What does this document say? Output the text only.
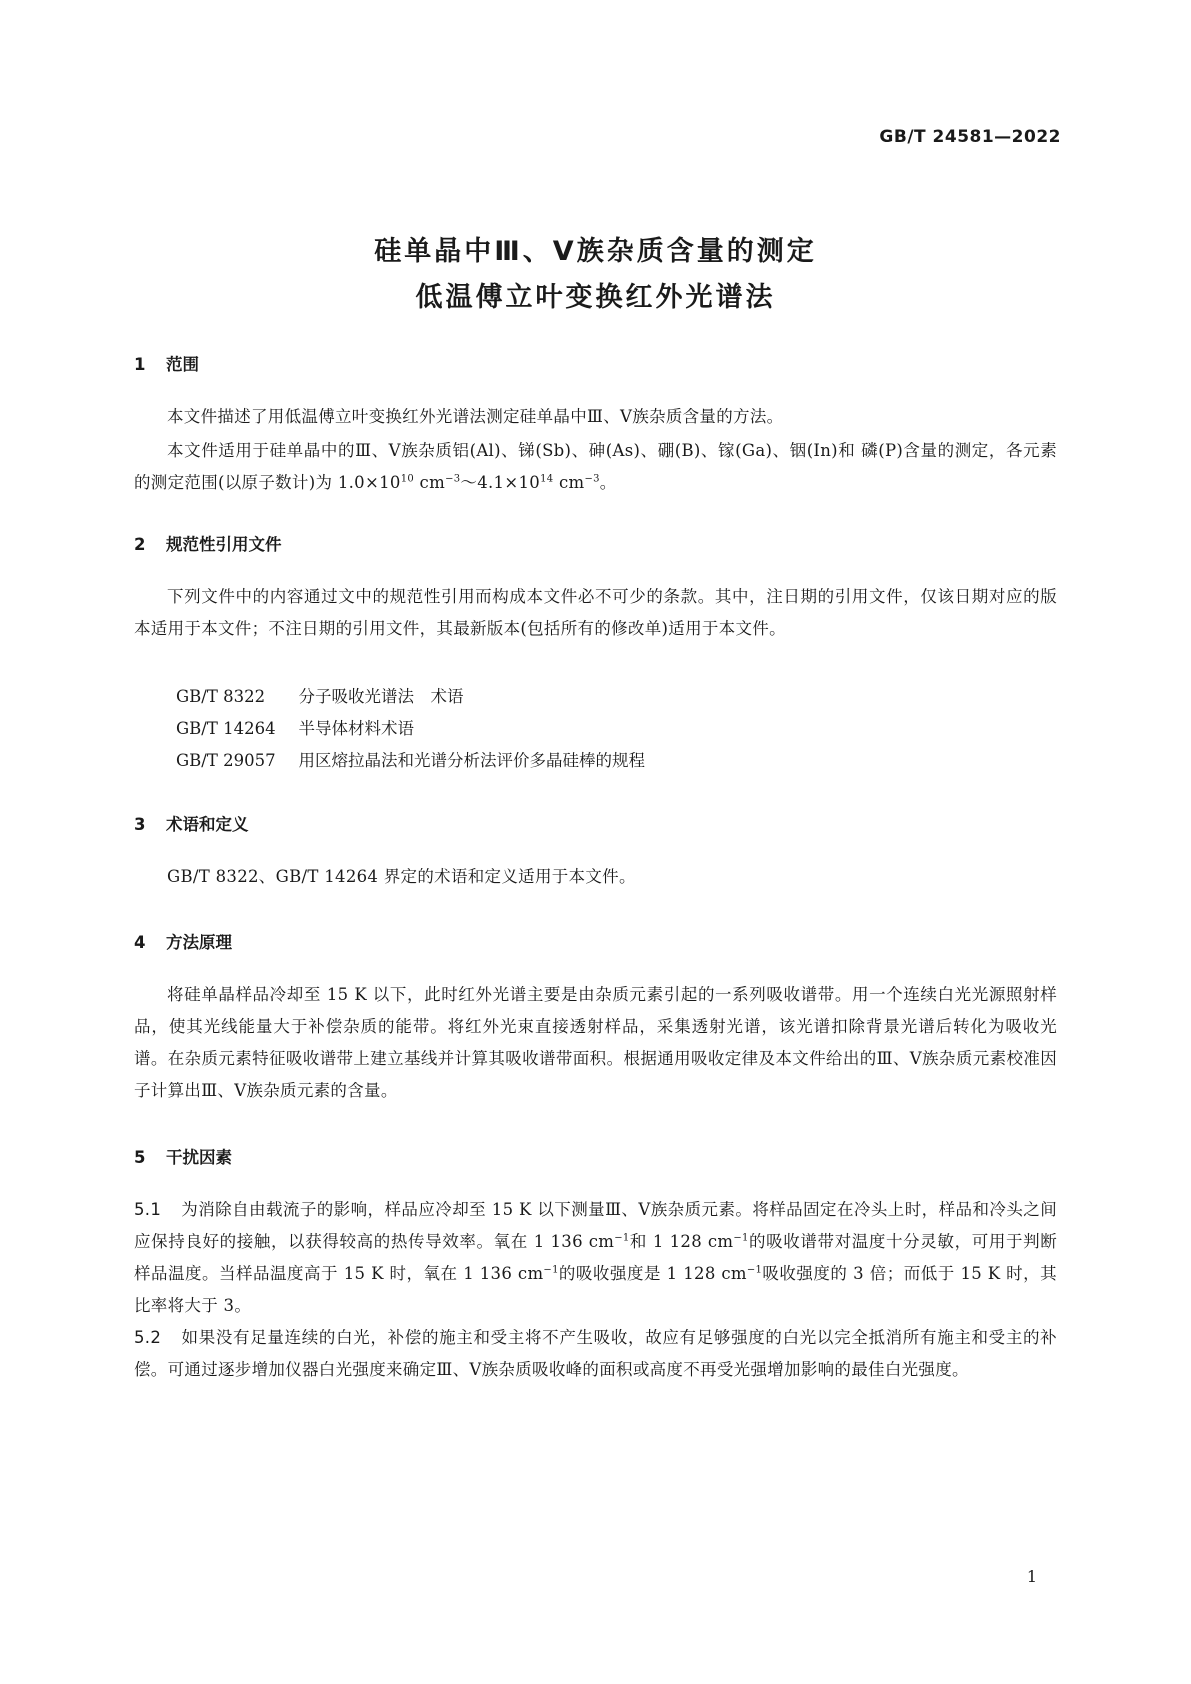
GB/T 24581—2022
硅单晶中Ⅲ、Ⅴ族杂质含量的测定
低温傅立叶变换红外光谱法
1 范围

本文件描述了用低温傅立叶变换红外光谱法测定硅单晶中Ⅲ、Ⅴ族杂质含量的方法。

本文件适用于硅单晶中的Ⅲ、Ⅴ族杂质铝(Al)、锑(Sb)、砷(As)、硼(B)、镓(Ga)、铟(In)和 磷(P)含量的测定，各元素的测定范围(以原子数计)为 $1.0\times 10^{10}$ $cm^{-3}\sim 4.1\times 10^{14}$ $cm^{-3}$。

2 规范性引用文件

下列文件中的内容通过文中的规范性引用而构成本文件必不可少的条款。其中，注日期的引用文件，仅该日期对应的版本适用于本文件；不注日期的引用文件，其最新版本(包括所有的修改单)适用于本文件。

GB/T 8322　 分子吸收光谱法　术语
GB/T 14264　 半导体材料术语
GB/T 29057　 用区熔拉晶法和光谱分析法评价多晶硅棒的规程
3 术语和定义

GB/T 8322、GB/T 14264 界定的术语和定义适用于本文件。

4 方法原理

将硅单晶样品冷却至 15 K 以下，此时红外光谱主要是由杂质元素引起的一系列吸收谱带。用一个连续白光光源照射样品，使其光线能量大于补偿杂质的能带。将红外光束直接透射样品，采集透射光谱，该光谱扣除背景光谱后转化为吸收光谱。在杂质元素特征吸收谱带上建立基线并计算其吸收谱带面积。根据通用吸收定律及本文件给出的Ⅲ、Ⅴ族杂质元素校准因子计算出Ⅲ、Ⅴ族杂质元素的含量。

5 干扰因素

5.1 为消除自由载流子的影响，样品应冷却至 15 K 以下测量Ⅲ、Ⅴ族杂质元素。将样品固定在冷头上时，样品和冷头之间应保持良好的接触，以获得较高的热传导效率。氧在 1 136 $cm^{-1}$和 1 128 $cm^{-1}$的吸收谱带对温度十分灵敏，可用于判断样品温度。当样品温度高于 15 K 时，氧在 1 136 $cm^{-1}$的吸收强度是 1 128 $cm^{-1}$吸收强度的 3 倍；而低于 15 K 时，其比率将大于 3。

5.2 如果没有足量连续的白光，补偿的施主和受主将不产生吸收，故应有足够强度的白光以完全抵消所有施主和受主的补偿。可通过逐步增加仪器白光强度来确定Ⅲ、Ⅴ族杂质吸收峰的面积或高度不再受光强增加影响的最佳白光强度。

1
